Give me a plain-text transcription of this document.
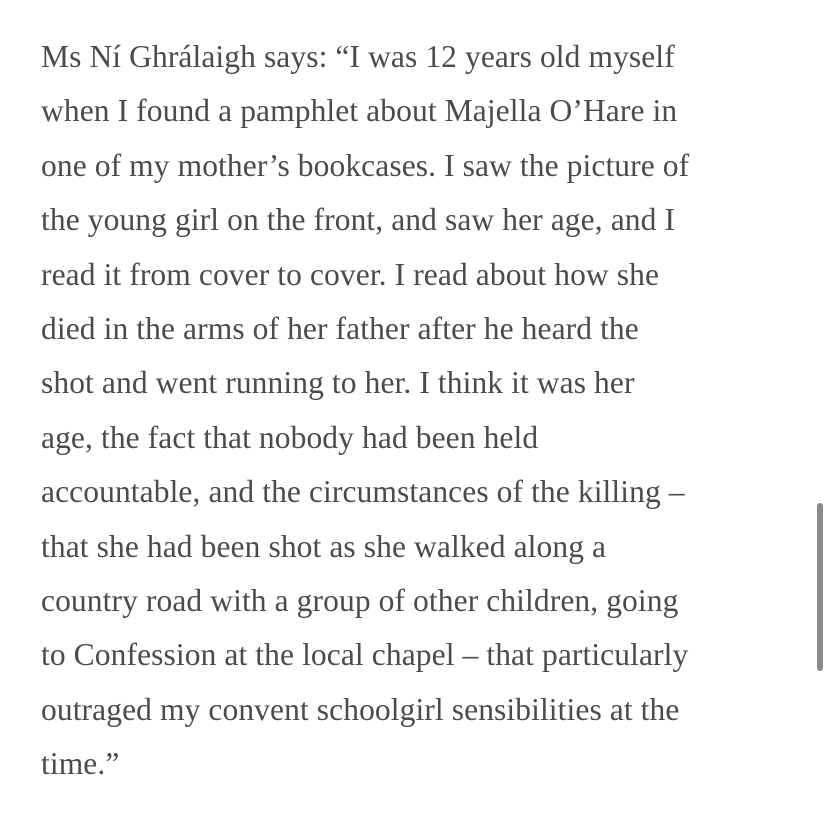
Ms Ní Ghrálaigh says: “I was 12 years old myself
when I found a pamphlet about Majella O’Hare in
one of my mother’s bookcases. I saw the picture of
the young girl on the front, and saw her age, and I
read it from cover to cover. I read about how she
died in the arms of her father after he heard the
shot and went running to her. I think it was her
age, the fact that nobody had been held
accountable, and the circumstances of the killing –
that she had been shot as she walked along a
country road with a group of other children, going
to Confession at the local chapel – that particularly
outraged my convent schoolgirl sensibilities at the
time.”
